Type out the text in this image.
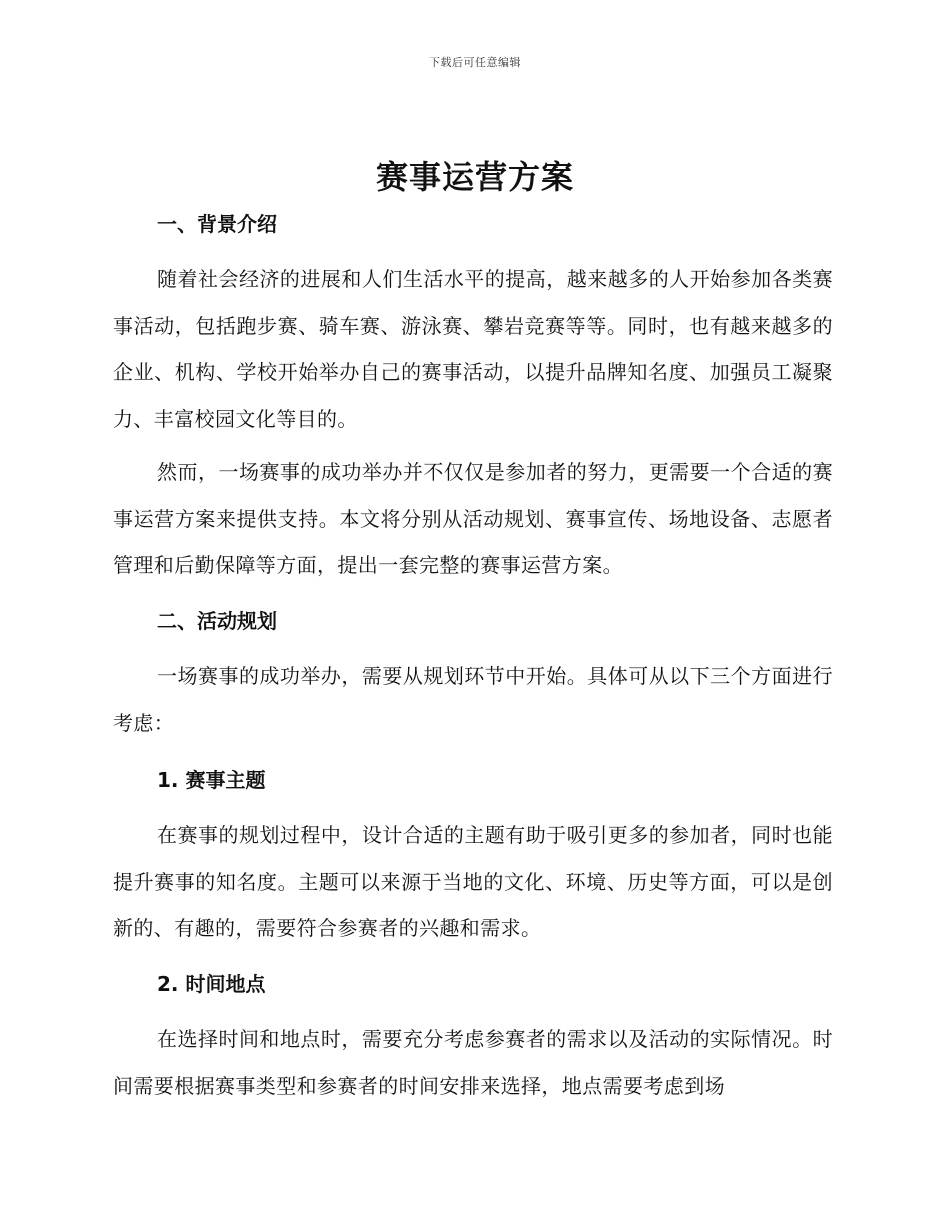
下载后可任意编辑
赛事运营方案
一、背景介绍
随着社会经济的进展和人们生活水平的提高，越来越多的人开始参加各类赛事活动，包括跑步赛、骑车赛、游泳赛、攀岩竞赛等等。同时，也有越来越多的企业、机构、学校开始举办自己的赛事活动，以提升品牌知名度、加强员工凝聚力、丰富校园文化等目的。
然而，一场赛事的成功举办并不仅仅是参加者的努力，更需要一个合适的赛事运营方案来提供支持。本文将分别从活动规划、赛事宣传、场地设备、志愿者管理和后勤保障等方面，提出一套完整的赛事运营方案。
二、活动规划
一场赛事的成功举办，需要从规划环节中开始。具体可从以下三个方面进行考虑：
1. 赛事主题
在赛事的规划过程中，设计合适的主题有助于吸引更多的参加者，同时也能提升赛事的知名度。主题可以来源于当地的文化、环境、历史等方面，可以是创新的、有趣的，需要符合参赛者的兴趣和需求。
2. 时间地点
在选择时间和地点时，需要充分考虑参赛者的需求以及活动的实际情况。时间需要根据赛事类型和参赛者的时间安排来选择，地点需要考虑到场
